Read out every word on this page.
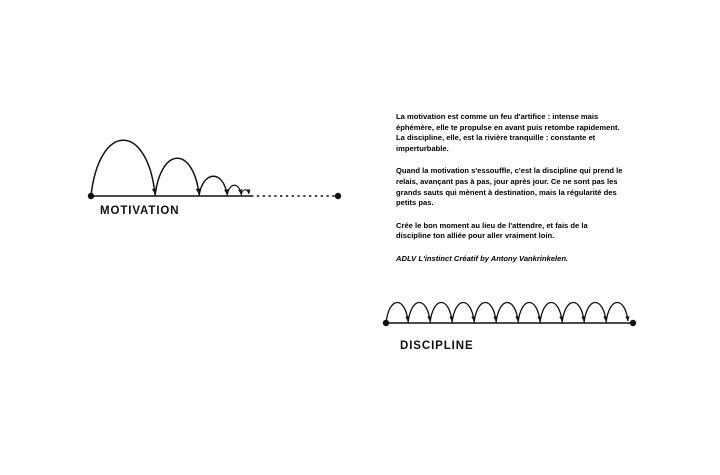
MOTIVATION
DISCIPLINE

La motivation est comme un feu d'artifice : intense mais éphémère, elle te propulse en avant puis retombe rapidement. La discipline, elle, est la rivière tranquille : constante et imperturbable.

Quand la motivation s'essouffle, c'est la discipline qui prend le relais, avançant pas à pas, jour après jour. Ce ne sont pas les grands sauts qui mènent à destination, mais la régularité des petits pas.

Crée le bon moment au lieu de l'attendre, et fais de la discipline ton alliée pour aller vraiment loin.

ADLV L'instinct Créatif by Antony Vankrinkelen.
